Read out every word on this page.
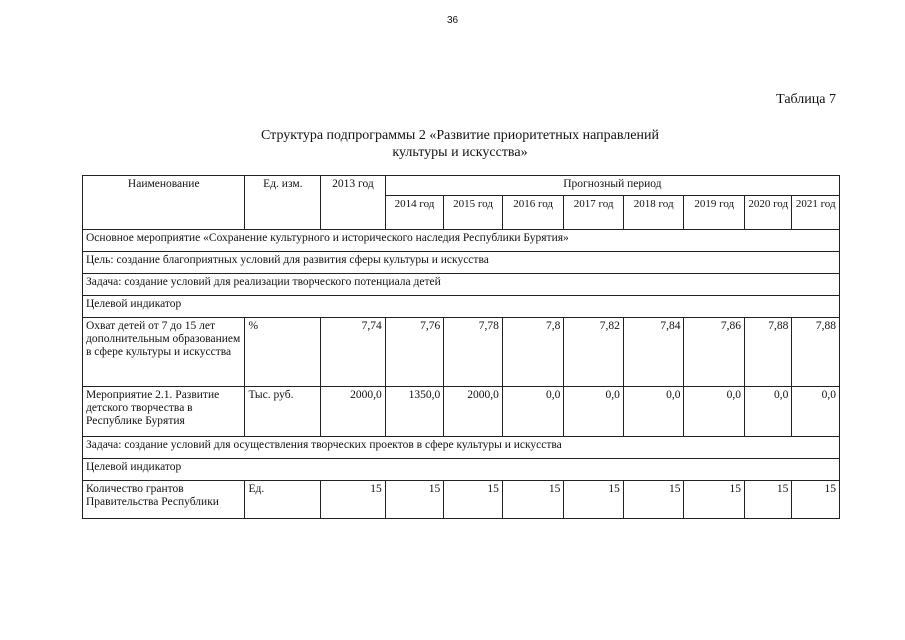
36
Таблица 7
Структура подпрограммы 2 «Развитие приоритетных направлений
культуры и искусства»
Наименование	Ед. изм.	2013 год	Прогнозный период							
			2014 год	2015 год	2016 год	2017 год	2018 год	2019 год	2020 год	2021 год
Основное мероприятие «Сохранение культурного и исторического наследия Республики Бурятия»										
Цель: создание благоприятных условий для развития сферы культуры и искусства										
Задача: создание условий для реализации творческого потенциала детей										
Целевой индикатор										
Охват детей от 7 до 15 лет дополнительным образованием в сфере культуры и искусства	%	7,74	7,76	7,78	7,8	7,82	7,84	7,86	7,88	7,88
Мероприятие 2.1. Развитие детского творчества в Республике Бурятия	Тыс. руб.	2000,0	1350,0	2000,0	0,0	0,0	0,0	0,0	0,0	0,0
Задача: создание условий для осуществления творческих проектов в сфере культуры и искусства										
Целевой индикатор										
Количество грантов Правительства Республики	Ед.	15	15	15	15	15	15	15	15	15
